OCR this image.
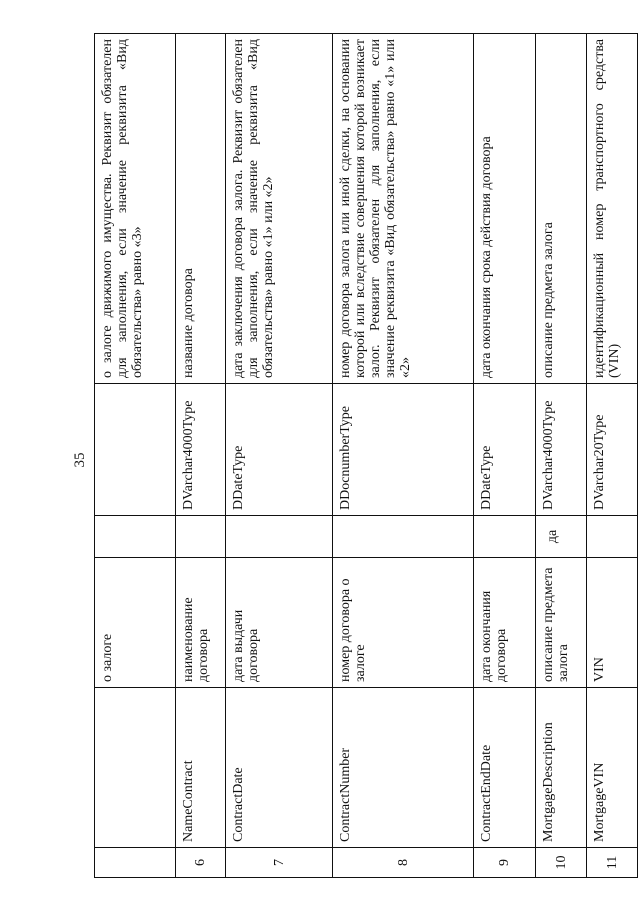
35
		о залоге			о залоге движимого имущества. Реквизит обязателен для заполнения, если значение реквизита «Вид обязательства» равно «3»
6	NameContract	наименование договора		DVarchar4000Type	название договора
7	ContractDate	дата выдачи договора		DDateType	дата заключения договора залога. Реквизит обязателен для заполнения, если значение реквизита «Вид обязательства» равно «1» или «2»
8	ContractNumber	номер договора о залоге		DDocnumberType	номер договора залога или иной сделки, на основании которой или вследствие совершения которой возникает залог. Реквизит обязателен для заполнения, если значение реквизита «Вид обязательства» равно «1» или «2»
9	ContractEndDate	дата окончания договора		DDateType	дата окончания срока действия договора
10	MortgageDescription	описание предмета залога	да	DVarchar4000Type	описание предмета залога
11	MortgageVIN	VIN		DVarchar20Type	идентификационный номер транспортного средства (VIN)
